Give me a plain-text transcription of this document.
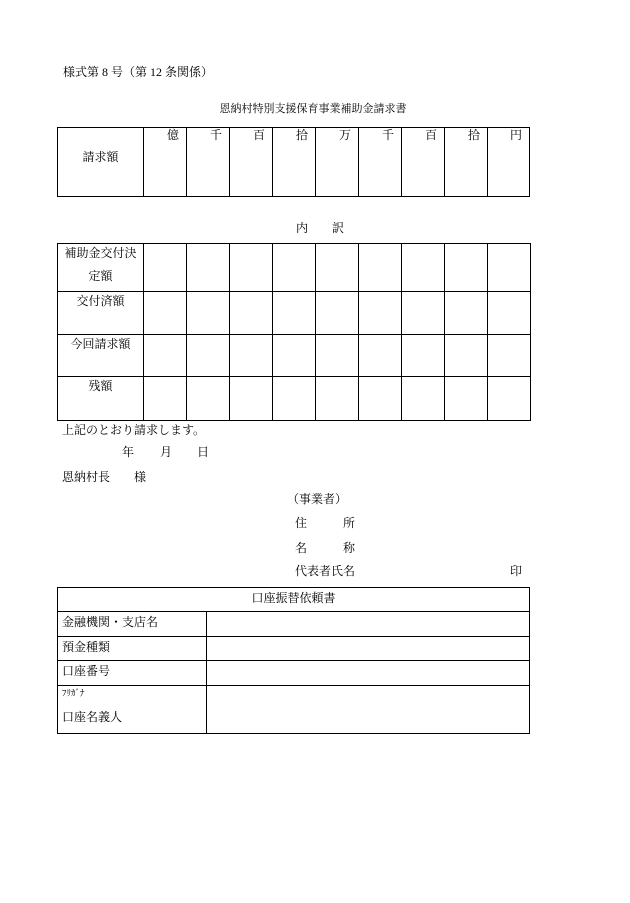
様式第 8 号（第 12 条関係）
恩納村特別支援保育事業補助金請求書
請求額	億	千	百	拾	万	千	百	拾	円
内　　訳
補助金交付決
定額									

交付済額									
今回請求額									
残額									
上記のとおり請求します。
年 月 日
恩納村長　　様
（事業者）
住　　　所
名　　　称
代表者氏名	印
口座振替依頼書	
金融機関・支店名	
預金種類	
口座番号	

ﾌﾘｶﾞﾅ
口座名義人	
